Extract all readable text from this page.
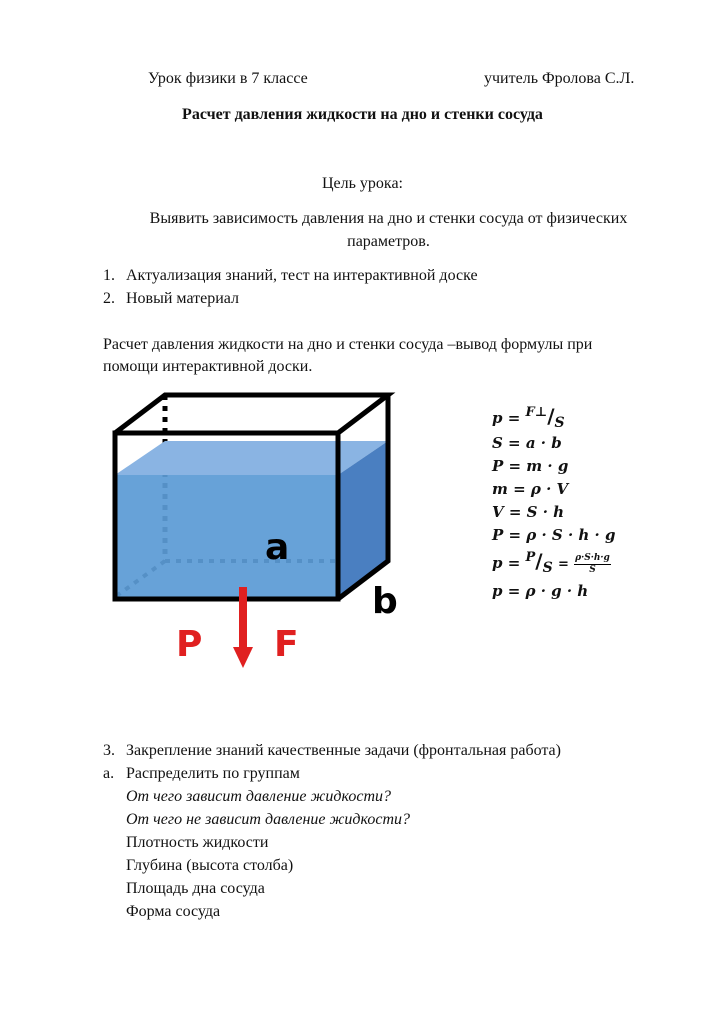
Урок физики в 7 классе	учитель Фролова С.Л.
Расчет давления жидкости на дно и стенки сосуда
Цель урока:
Выявить зависимость давления на дно и стенки сосуда от физических
параметров.
1. Актуализация знаний, тест на интерактивной доске
2. Новый материал
Расчет давления жидкости на дно и стенки сосуда –вывод формулы при
помощи интерактивной доски.
a
b
P F
p = F⊥/S
S = a · b
P = m · g
m = ρ · V
V = S · h
P = ρ · S · h · g
$p = P/S = \frac{\rho\cdot S\cdot h\cdot g}{S}$
p = ρ · g · h
3. Закрепление знаний качественные задачи (фронтальная работа)
а. Распределить по группам
От чего зависит давление жидкости?
От чего не зависит давление жидкости?
Плотность жидкости
Глубина (высота столба)
Площадь дна сосуда
Форма сосуда
